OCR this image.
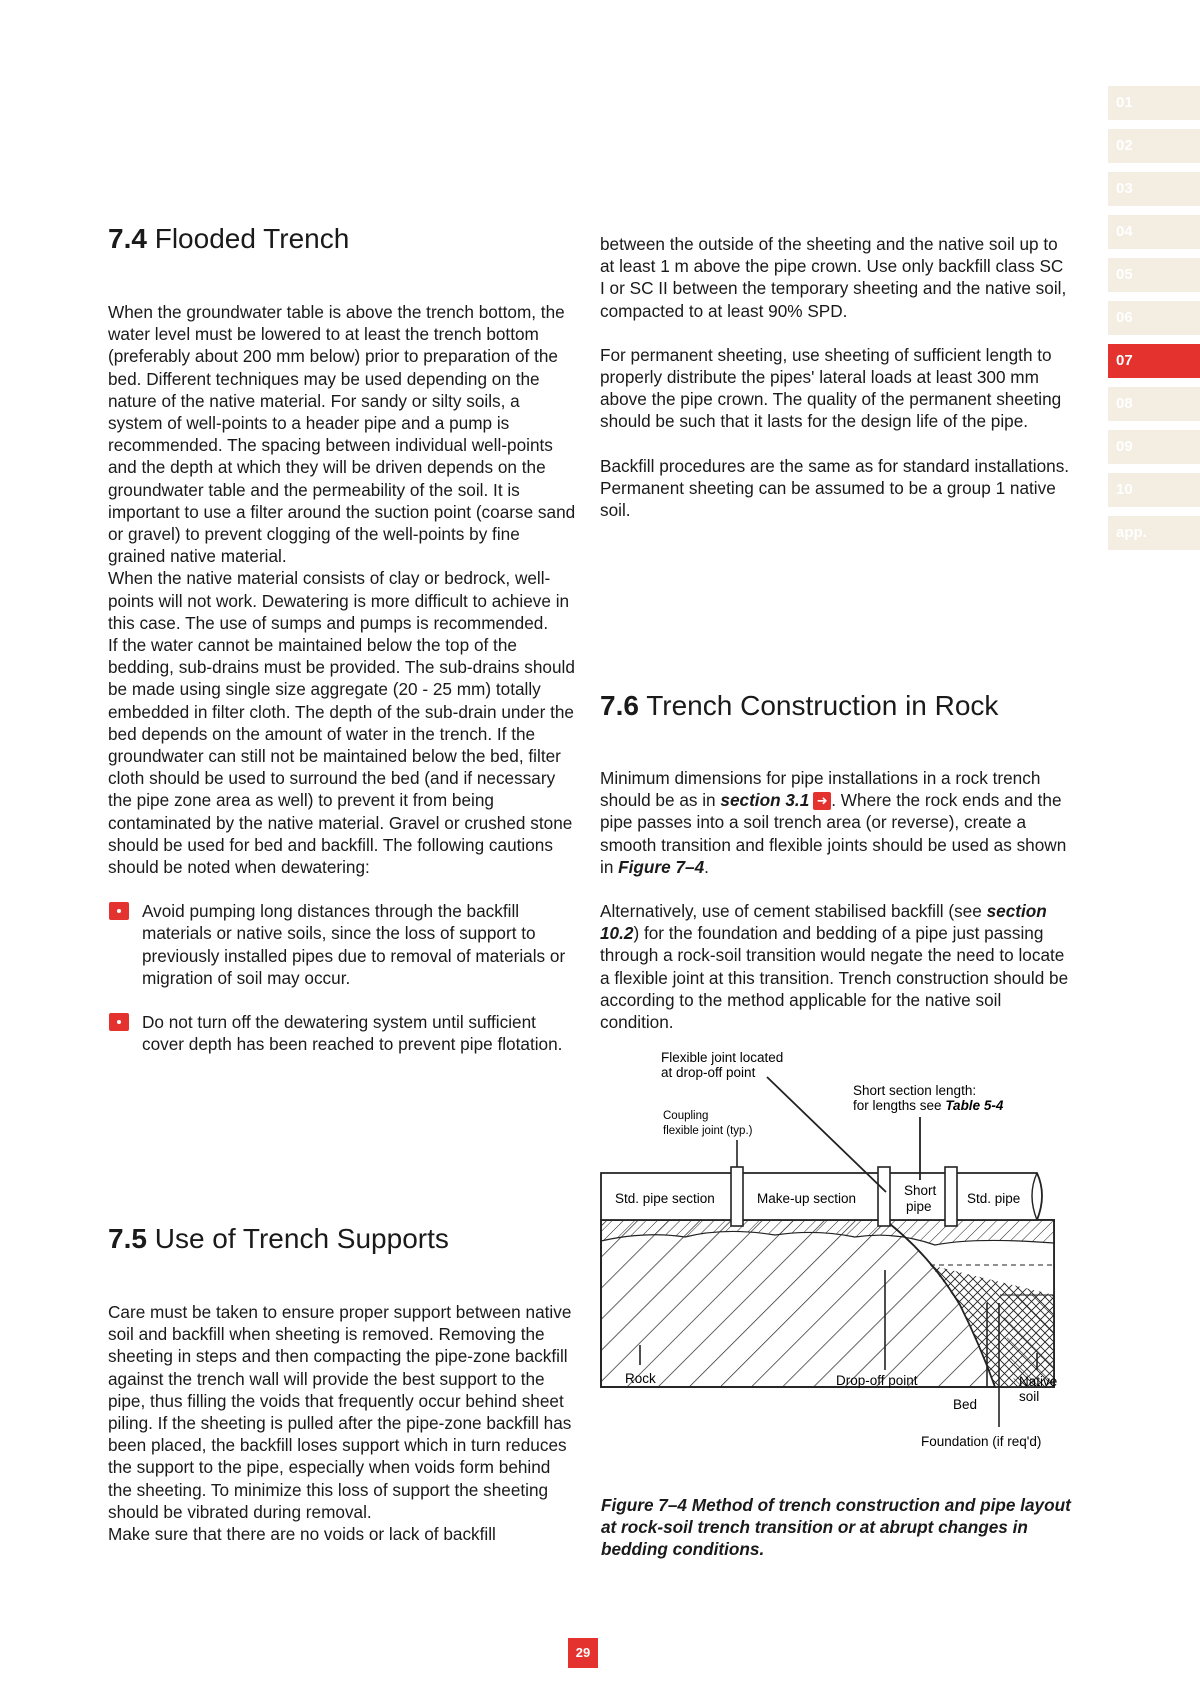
01
02
03
04
05
06
07
08
09
10
app.
7.4 Flooded Trench

When the groundwater table is above the trench bottom, the water level must be lowered to at least the trench bottom (preferably about 200 mm below) prior to preparation of the bed. Different techniques may be used depending on the nature of the native material. For sandy or silty soils, a system of well-points to a header pipe and a pump is recommended. The spacing between individual well-points and the depth at which they will be driven depends on the groundwater table and the permeability of the soil. It is important to use a filter around the suction point (coarse sand or gravel) to prevent clogging of the well-points by fine grained native material.

When the native material consists of clay or bedrock, well-points will not work. Dewatering is more difficult to achieve in this case. The use of sumps and pumps is recommended.

If the water cannot be maintained below the top of the bedding, sub-drains must be provided. The sub-drains should be made using single size aggregate (20 - 25 mm) totally embedded in filter cloth. The depth of the sub-drain under the bed depends on the amount of water in the trench. If the groundwater can still not be maintained below the bed, filter cloth should be used to surround the bed (and if necessary the pipe zone area as well) to prevent it from being contaminated by the native material. Gravel or crushed stone should be used for bed and backfill. The following cautions should be noted when dewatering:

Avoid pumping long distances through the backfill materials or native soils, since the loss of support to previously installed pipes due to removal of materials or migration of soil may occur.
Do not turn off the dewatering system until sufficient cover depth has been reached to prevent pipe flotation.
7.5 Use of Trench Supports

Care must be taken to ensure proper support between native soil and backfill when sheeting is removed. Removing the sheeting in steps and then compacting the pipe-zone backfill against the trench wall will provide the best support to the pipe, thus filling the voids that frequently occur behind sheet piling. If the sheeting is pulled after the pipe-zone backfill has been placed, the backfill loses support which in turn reduces the support to the pipe, especially when voids form behind the sheeting. To minimize this loss of support the sheeting should be vibrated during removal.

Make sure that there are no voids or lack of backfill

between the outside of the sheeting and the native soil up to at least 1 m above the pipe crown. Use only backfill class SC I or SC II between the temporary sheeting and the native soil, compacted to at least 90% SPD.

For permanent sheeting, use sheeting of sufficient length to properly distribute the pipes' lateral loads at least 300 mm above the pipe crown. The quality of the permanent sheeting should be such that it lasts for the design life of the pipe.

Backfill procedures are the same as for standard installations. Permanent sheeting can be assumed to be a group 1 native soil.

7.6 Trench Construction in Rock

Minimum dimensions for pipe installations in a rock trench should be as in section 3.1 ➜ . Where the rock ends and the pipe passes into a soil trench area (or reverse), create a smooth transition and flexible joints should be used as shown in Figure 7–4.

Alternatively, use of cement stabilised backfill (see section 10.2) for the foundation and bedding of a pipe just passing through a rock-soil transition would negate the need to locate a flexible joint at this transition. Trench construction should be according to the method applicable for the native soil condition.

Std. pipe section	Make-up section
Short
pipe
Std. pipe
Flexible joint located
at drop-off point
Short section length:
for lengths see Table 5-4
Coupling
flexible joint (typ.)
Rock	Drop-off point
Bed
Foundation (if req'd)
Native
soil
Figure 7–4 Method of trench construction and pipe layout at rock-soil trench transition or at abrupt changes in bedding conditions.
29
